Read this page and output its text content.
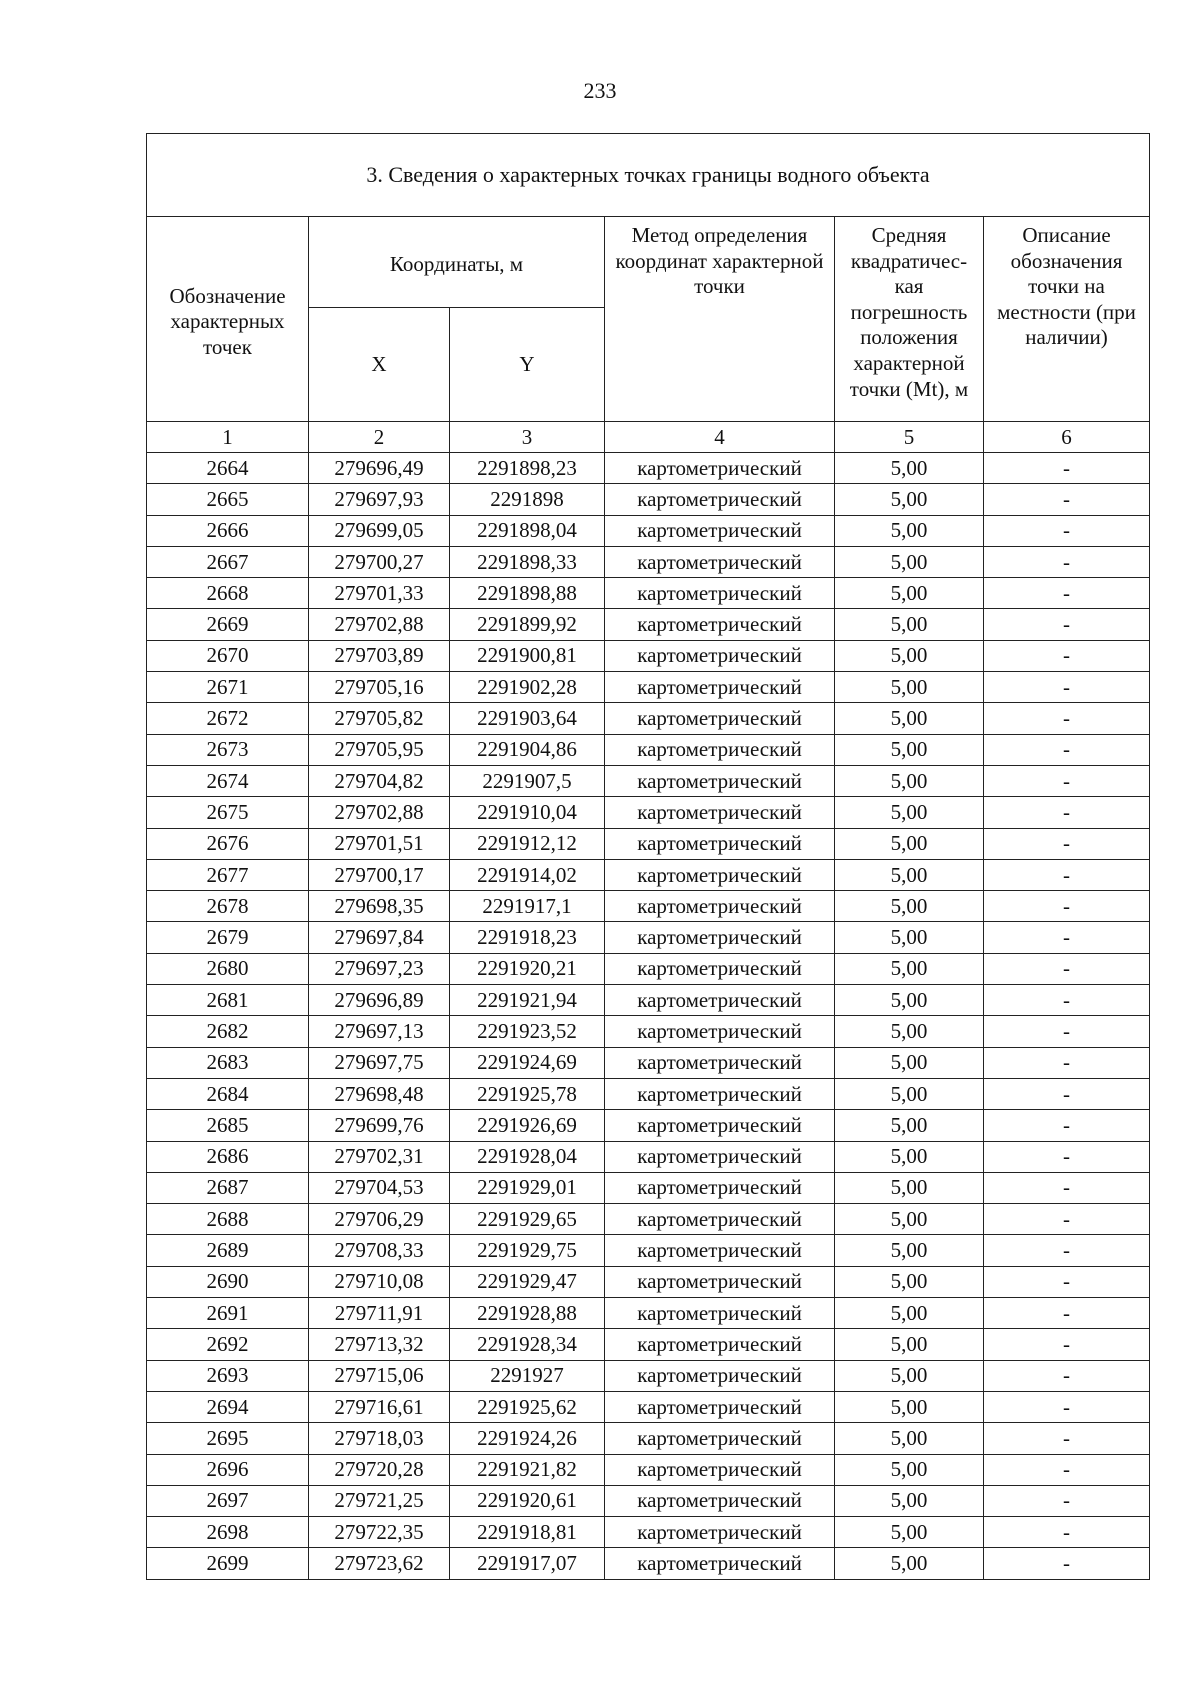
233
3. Сведения о характерных точках границы водного объекта					
Обозначение характерных точек	Координаты, м		Метод определения координат характерной точки	Средняя квадратичес-кая погрешность положения характерной точки (Mt), м	Описание обозначения точки на местности (при наличии)
	X	Y			
1	2	3	4	5	6
2664	279696,49	2291898,23	картометрический	5,00	-
2665	279697,93	2291898	картометрический	5,00	-
2666	279699,05	2291898,04	картометрический	5,00	-
2667	279700,27	2291898,33	картометрический	5,00	-
2668	279701,33	2291898,88	картометрический	5,00	-
2669	279702,88	2291899,92	картометрический	5,00	-
2670	279703,89	2291900,81	картометрический	5,00	-
2671	279705,16	2291902,28	картометрический	5,00	-
2672	279705,82	2291903,64	картометрический	5,00	-
2673	279705,95	2291904,86	картометрический	5,00	-
2674	279704,82	2291907,5	картометрический	5,00	-
2675	279702,88	2291910,04	картометрический	5,00	-
2676	279701,51	2291912,12	картометрический	5,00	-
2677	279700,17	2291914,02	картометрический	5,00	-
2678	279698,35	2291917,1	картометрический	5,00	-
2679	279697,84	2291918,23	картометрический	5,00	-
2680	279697,23	2291920,21	картометрический	5,00	-
2681	279696,89	2291921,94	картометрический	5,00	-
2682	279697,13	2291923,52	картометрический	5,00	-
2683	279697,75	2291924,69	картометрический	5,00	-
2684	279698,48	2291925,78	картометрический	5,00	-
2685	279699,76	2291926,69	картометрический	5,00	-
2686	279702,31	2291928,04	картометрический	5,00	-
2687	279704,53	2291929,01	картометрический	5,00	-
2688	279706,29	2291929,65	картометрический	5,00	-
2689	279708,33	2291929,75	картометрический	5,00	-
2690	279710,08	2291929,47	картометрический	5,00	-
2691	279711,91	2291928,88	картометрический	5,00	-
2692	279713,32	2291928,34	картометрический	5,00	-
2693	279715,06	2291927	картометрический	5,00	-
2694	279716,61	2291925,62	картометрический	5,00	-
2695	279718,03	2291924,26	картометрический	5,00	-
2696	279720,28	2291921,82	картометрический	5,00	-
2697	279721,25	2291920,61	картометрический	5,00	-
2698	279722,35	2291918,81	картометрический	5,00	-
2699	279723,62	2291917,07	картометрический	5,00	-
